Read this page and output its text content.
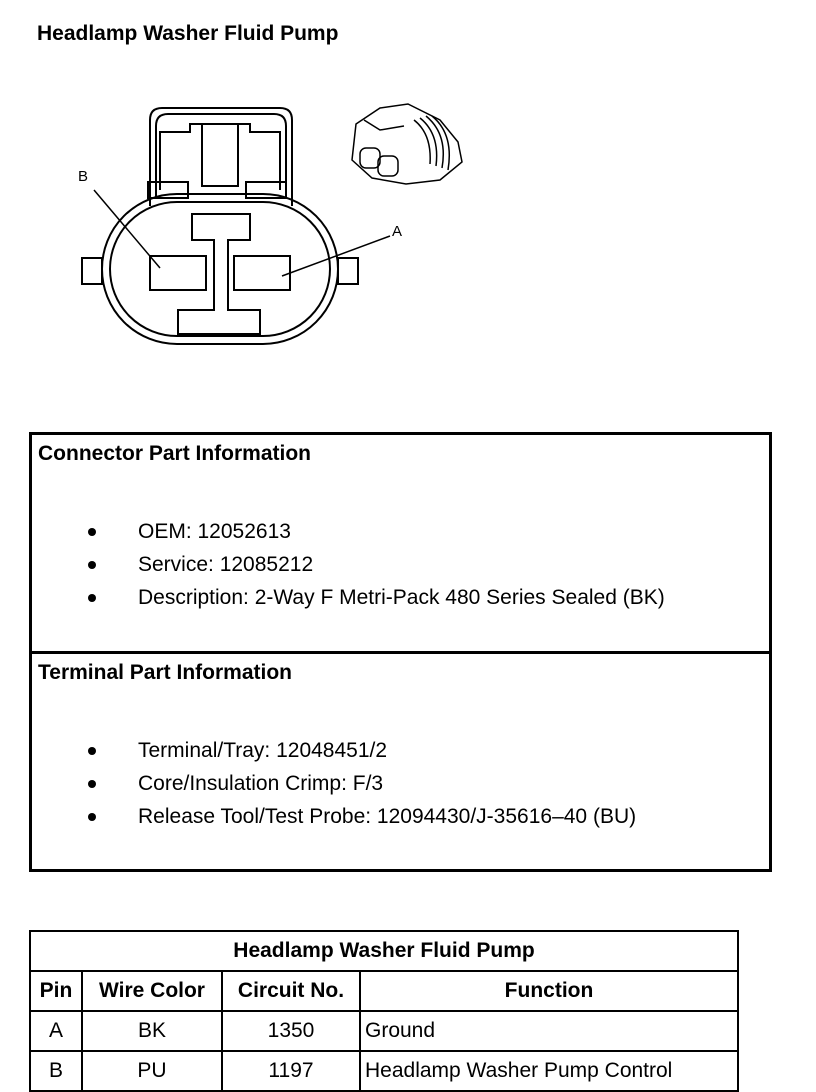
Headlamp Washer Fluid Pump
B
A
Connector Part Information
OEM: 12052613
Service: 12085212
Description: 2-Way F Metri-Pack 480 Series Sealed (BK)
Terminal Part Information
Terminal/Tray: 12048451/2
Core/Insulation Crimp: F/3
Release Tool/Test Probe: 12094430/J-35616–40 (BU)
Headlamp Washer Fluid Pump			
Pin	Wire Color	Circuit No.	Function
A	BK	1350	Ground
B	PU	1197	Headlamp Washer Pump Control
